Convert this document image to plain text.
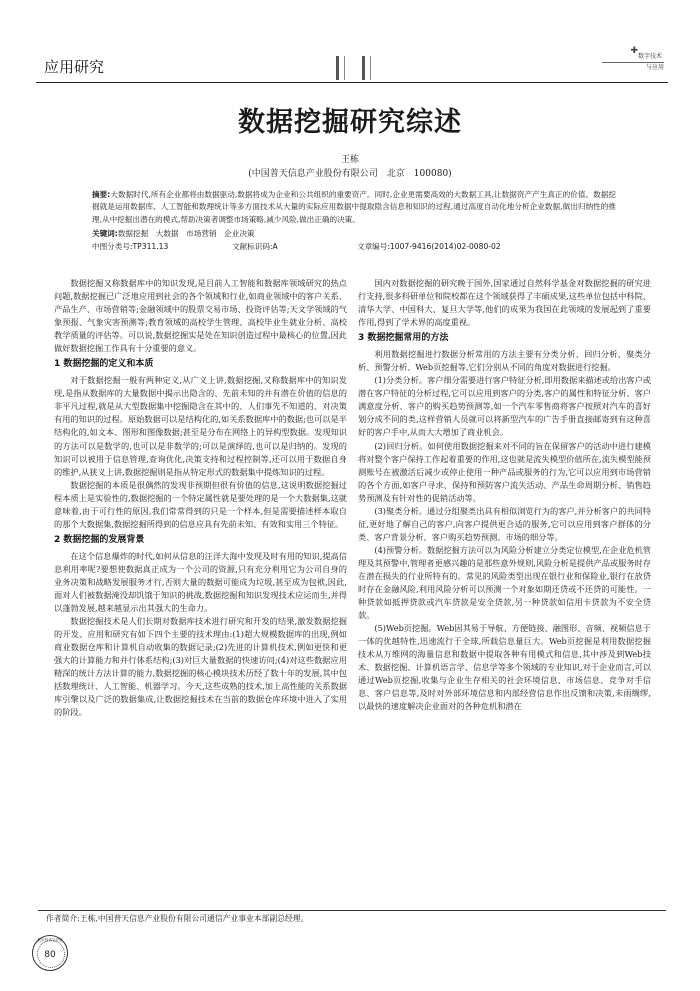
应用研究
✚
数字技术
与应用
数据挖掘研究综述
王栋
(中国普天信息产业股份有限公司　北京　100080)
摘要:大数据时代,所有企业都将由数据驱动,数据将成为企业和公共组织的重要资产。同时,企业更需要高效的大数据工具,让数据资产产生真正的价值。数据挖掘就是运用数据库、人工智能和数理统计等多方面技术从大量的实际应用数据中提取隐含信息和知识的过程,通过高度自动化地分析企业数据,做出归纳性的推理,从中挖掘出潜在的模式,帮助决策者调整市场策略,减少风险,做出正确的决策。
关键词:数据挖掘　大数据　市场营销　企业决策
中图分类号:TP311.13	文献标识码:A	文章编号:1007-9416(2014)02-0080-02

数据挖掘又称数据库中的知识发现,是目前人工智能和数据库领域研究的热点问题,数据挖掘已广泛地应用到社会的各个领域和行业,如商业领域中的客户关系、产品生产、市场营销等;金融领域中的股票交易市场、投资评估等;天文学领域的气象预报、气象灾害预测等;教育领域的高校学生管理、高校毕业生就业分析、高校教学质量的评估等。可以说,数据挖掘实是处在知识创造过程中最核心的位置,因此做好数据挖掘工作具有十分重要的意义。

1 数据挖掘的定义和本质

对于数据挖掘一般有两种定义,从广义上讲,数据挖掘,又称数据库中的知识发现,是指从数据库的大量数据中揭示出隐含的、先前未知的并有潜在价值的信息的非平凡过程,就是从大型数据集中挖掘隐含在其中的、人们事先不知道的、对决策有用的知识的过程。原始数据可以是结构化的,如关系数据库中的数据;也可以是半结构化的,如文本、图形和图像数据;甚至是分布在网络上的异构型数据。发现知识的方法可以是数学的,也可以是非数学的;可以是演绎的,也可以是归纳的。发现的知识可以被用于信息管理,查询优化,决策支持和过程控制等,还可以用于数据自身的维护,从狭义上讲,数据挖掘则是指从特定形式的数据集中提炼知识的过程。

数据挖掘的本质是很偶然的发现非预期但很有价值的信息,这说明数据挖掘过程本质上是实验性的,数据挖掘的一个特定属性就是要处理的是一个大数据集,这就意味着,由于可行性的原因,我们常常得到的只是一个样本,但是需要描述样本取自的那个大数据集,数据挖掘所得到的信息应具有先前未知、有效和实用三个特征。

2 数据挖掘的发展背景

在这个信息爆炸的时代,如何从信息的汪洋大海中发现及时有用的知识,提高信息利用率呢?要想使数据真正成为一个公司的资源,只有充分利用它为公司自身的业务决策和战略发展服务才行,否则大量的数据可能成为垃圾,甚至成为包袱,因此,面对人们被数据淹没却饥饿于知识的挑战,数据挖掘和知识发现技术应运而生,并得以蓬勃发展,越来越显示出其强大的生命力。

数据挖掘技术是人们长期对数据库技术进行研究和开发的结果,激发数据挖掘的开发、应用和研究有如下四个主要的技术理由:(1)超大规模数据库的出现,例如商业数据仓库和计算机自动收集的数据记录;(2)先进的计算机技术,例如更快和更强大的计算能力和并行体系结构;(3)对巨大量数据的快速访问;(4)对这些数据应用精深的统计方法计算的能力,数据挖掘的核心模块技术历经了数十年的发展,其中包括数理统计、人工智能、机器学习。今天,这些成熟的技术,加上高性能的关系数据库引擎以及广泛的数据集成,让数据挖掘技术在当前的数据仓库环境中进入了实用的阶段。

国内对数据挖掘的研究晚于国外,国家通过自然科学基金对数据挖掘的研究进行支持,很多科研单位和院校都在这个领域获得了丰硕成果,这些单位包括中科院、清华大学、中国科大、复旦大学等,他们的成果为我国在此领域的发展起到了重要作用,得到了学术界的高度重视。

3 数据挖掘常用的方法

利用数据挖掘进行数据分析常用的方法主要有分类分析、回归分析、聚类分析、预警分析、Web页挖掘等,它们分别从不同的角度对数据进行挖掘。

(1)分类分析。客户细分需要进行客户特征分析,即用数据来描述或给出客户或潜在客户特征的分析过程,它可以应用到客户的分类,客户的属性和特征分析、客户满意度分析、客户的购买趋势预测等,如一个汽车零售商将客户按照对汽车的喜好划分成不同的类,这样营销人员就可以将新型汽车的广告手册直接邮寄到有这种喜好的客户手中,从而大大增加了商业机会。

(2)回归分析。如何使用数据挖掘来对不同的旨在保留客户的活动中进行建模将对整个客户保持工作起着重要的作用,这也就是流失模型价值所在,流失模型能预测账号在被激活后减少或停止使用一种产品或服务的行为,它可以应用到市场营销的各个方面,如客户寻求、保持和预防客户流失活动、产品生命周期分析、销售趋势预测及有针对性的促销活动等。

(3)聚类分析。通过分组聚类出具有相似浏览行为的客户,并分析客户的共同特征,更好地了解自己的客户,向客户提供更合适的服务,它可以应用到客户群体的分类、客户背景分析、客户购买趋势预测、市场的细分等。

(4)预警分析。数据挖掘方法可以为风险分析建立分类定位模型,在企业危机管理及其预警中,管理者更感兴趣的是那些意外规则,风险分析是提供产品或服务时存在潜在损失的行业所特有的。常见的风险类型出现在银行业和保险业,银行在放贷时存在金融风险,利用风险分析可以预测一个对象如期还贷或不还贷的可能性。一种贷款如抵押贷款或汽车贷款是安全贷款,另一种贷款如信用卡贷款为不安全贷款。

(5)Web页挖掘。Web因其易于导航、方便链接、融图形、音频、视频信息于一体的优越特性,迅速流行于全球,所载信息量巨大。Web页挖掘是利用数据挖掘技术从万维网的海量信息和数据中提取各种有用模式和信息,其中涉及到Web技术、数据挖掘、计算机语言学、信息学等多个领域的专业知识,对于企业而言,可以通过Web页挖掘,收集与企业生存相关的社会环境信息、市场信息、竞争对手信息、客户信息等,及时对外部环境信息和内部经营信息作出反馈和决策,未雨绸缪,以最快的速度解决企业面对的各种危机和潜在

作者简介:王栋,中国普天信息产业股份有限公司通信产业事业本部副总经理。
数字技术与应用
80
